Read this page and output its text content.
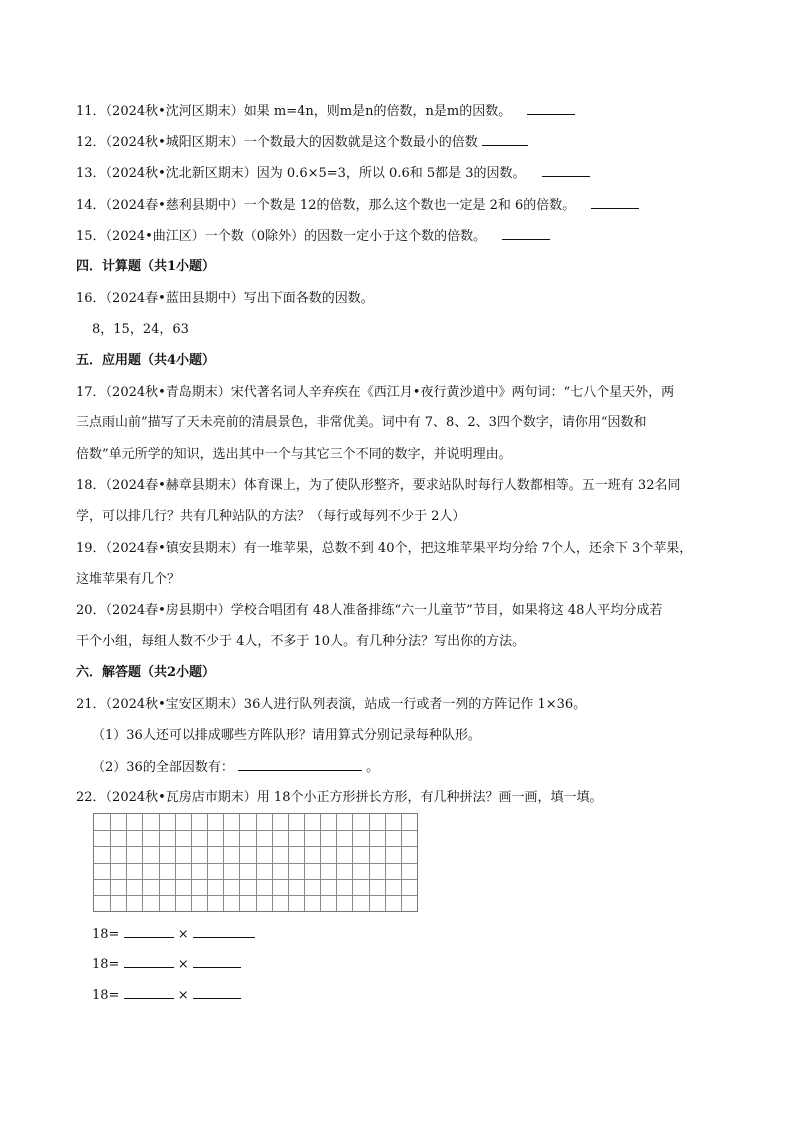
11．（2024秋•沈河区期末）如果 m=4n，则m是n的倍数，n是m的因数。
12．（2024秋•城阳区期末）一个数最大的因数就是这个数最小的倍数
13．（2024秋•沈北新区期末）因为 0.6×5=3，所以 0.6和 5都是 3的因数。
14．（2024春•慈利县期中）一个数是 12的倍数，那么这个数也一定是 2和 6的倍数。
15．（2024•曲江区）一个数（0除外）的因数一定小于这个数的倍数。
四．计算题（共1小题）
16．（2024春•蓝田县期中）写出下面各数的因数。
8，15，24，63
五．应用题（共4小题）
17．（2024秋•青岛期末）宋代著名词人辛弃疾在《西江月•夜行黄沙道中》两句词：“七八个星天外，两
三点雨山前”描写了天未亮前的清晨景色，非常优美。词中有 7、8、2、3四个数字，请你用“因数和
倍数”单元所学的知识，选出其中一个与其它三个不同的数字，并说明理由。
18．（2024春•赫章县期末）体育课上，为了使队形整齐，要求站队时每行人数都相等。五一班有 32名同
学，可以排几行？共有几种站队的方法？（每行或每列不少于 2人）
19．（2024春•镇安县期末）有一堆苹果，总数不到 40个，把这堆苹果平均分给 7个人，还余下 3个苹果，
这堆苹果有几个？
20．（2024春•房县期中）学校合唱团有 48人准备排练“六一儿童节”节目，如果将这 48人平均分成若
干个小组，每组人数不少于 4人，不多于 10人。有几种分法？写出你的方法。
六．解答题（共2小题）
21．（2024秋•宝安区期末）36人进行队列表演，站成一行或者一列的方阵记作 1×36。
（1）36人还可以排成哪些方阵队形？请用算式分别记录每种队形。
（2）36的全部因数有：	。
22．（2024秋•瓦房店市期末）用 18个小正方形拼长方形，有几种拼法？画一画，填一填。
18=	×
18=	×
18=	×
